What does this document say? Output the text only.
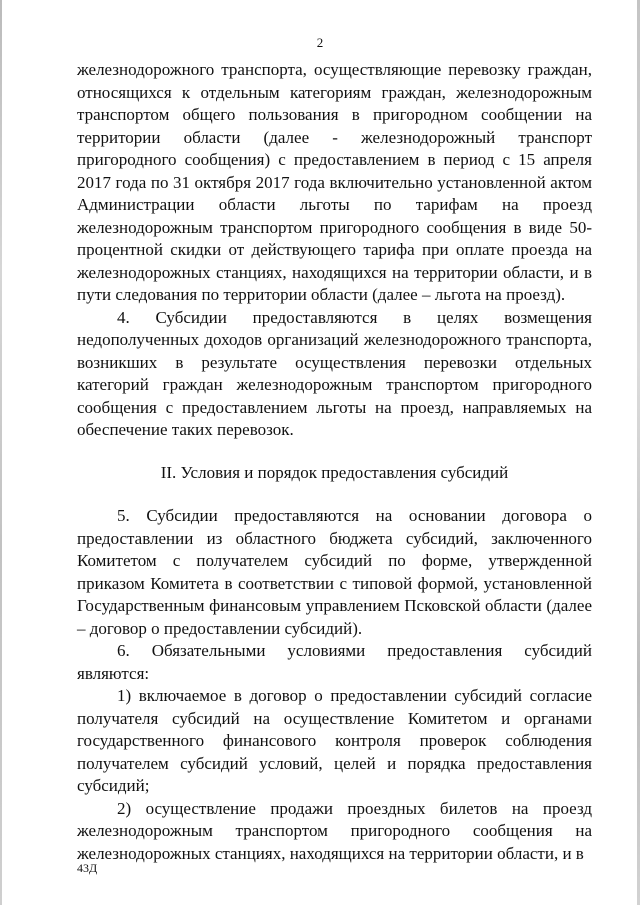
2

железнодорожного транспорта, осуществляющие перевозку граждан, относящихся к отдельным категориям граждан, железнодорожным транспортом общего пользования в пригородном сообщении на территории области (далее - железнодорожный транспорт пригородного сообщения) с предоставлением в период с 15 апреля 2017 года по 31 октября 2017 года включительно установленной актом Администрации области льготы по тарифам на проезд железнодорожным транспортом пригородного сообщения в виде 50-процентной скидки от действующего тарифа при оплате проезда на железнодорожных станциях, находящихся на территории области, и в пути следования по территории области (далее – льгота на проезд).

4. Субсидии предоставляются в целях возмещения недополученных доходов организаций железнодорожного транспорта, возникших в результате осуществления перевозки отдельных категорий граждан железнодорожным транспортом пригородного сообщения с предоставлением льготы на проезд, направляемых на обеспечение таких перевозок.

II. Условия и порядок предоставления субсидий

5. Субсидии предоставляются на основании договора о предоставлении из областного бюджета субсидий, заключенного Комитетом с получателем субсидий по форме, утвержденной приказом Комитета в соответствии с типовой формой, установленной Государственным финансовым управлением Псковской области (далее – договор о предоставлении субсидий).

6. Обязательными условиями предоставления субсидий являются:

1) включаемое в договор о предоставлении субсидий согласие получателя субсидий на осуществление Комитетом и органами государственного финансового контроля проверок соблюдения получателем субсидий условий, целей и порядка предоставления субсидий;

2) осуществление продажи проездных билетов на проезд железнодорожным транспортом пригородного сообщения на железнодорожных станциях, находящихся на территории области, и в

43Д
